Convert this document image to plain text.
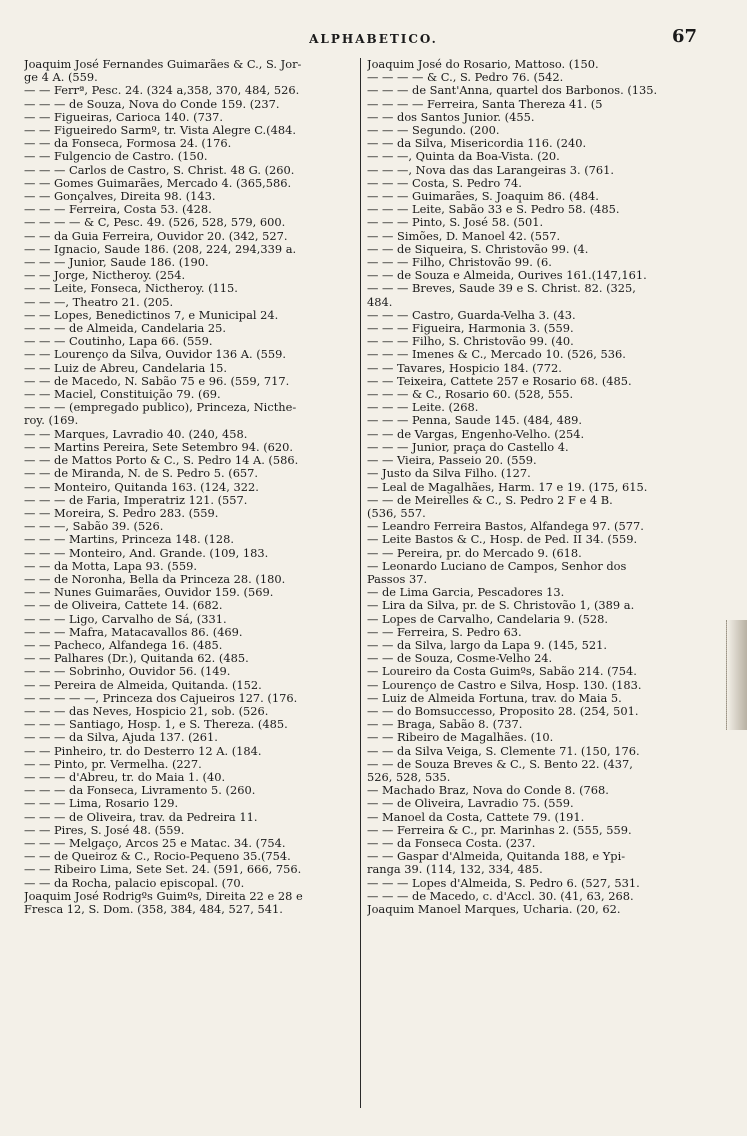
ALPHABETICO.	67
Joaquim José Fernandes Guimarães & C., S. Jor-
ge 4 A. (559.
— — Ferrª, Pesc. 24. (324 a,358, 370, 484, 526.
— — — de Souza, Nova do Conde 159. (237.
— — Figueiras, Carioca 140. (737.
— — Figueiredo Sarmº, tr. Vista Alegre C.(484.
— — da Fonseca, Formosa 24. (176.
— — Fulgencio de Castro. (150.
— — — Carlos de Castro, S. Christ. 48 G. (260.
— — Gomes Guimarães, Mercado 4. (365,586.
— — Gonçalves, Direita 98. (143.
— — — Ferreira, Costa 53. (428.
— — — — & C, Pesc. 49. (526, 528, 579, 600.
— — da Guia Ferreira, Ouvidor 20. (342, 527.
— — Ignacio, Saude 186. (208, 224, 294,339 a.
— — — Junior, Saude 186. (190.
— — Jorge, Nictheroy. (254.
— — Leite, Fonseca, Nictheroy. (115.
— — —, Theatro 21. (205.
— — Lopes, Benedictinos 7, e Municipal 24.
— — — de Almeida, Candelaria 25.
— — — Coutinho, Lapa 66. (559.
— — Lourenço da Silva, Ouvidor 136 A. (559.
— — Luiz de Abreu, Candelaria 15.
— — de Macedo, N. Sabão 75 e 96. (559, 717.
— — Maciel, Constituição 79. (69.
— — — (empregado publico), Princeza, Nicthe-
roy. (169.
— — Marques, Lavradio 40. (240, 458.
— — Martins Pereira, Sete Setembro 94. (620.
— — de Mattos Porto & C., S. Pedro 14 A. (586.
— — de Miranda, N. de S. Pedro 5. (657.
— — Monteiro, Quitanda 163. (124, 322.
— — — de Faria, Imperatriz 121. (557.
— — Moreira, S. Pedro 283. (559.
— — —, Sabão 39. (526.
— — — Martins, Princeza 148. (128.
— — — Monteiro, And. Grande. (109, 183.
— — da Motta, Lapa 93. (559.
— — de Noronha, Bella da Princeza 28. (180.
— — Nunes Guimarães, Ouvidor 159. (569.
— — de Oliveira, Cattete 14. (682.
— — — Ligo, Carvalho de Sá, (331.
— — — Mafra, Matacavallos 86. (469.
— — Pacheco, Alfandega 16. (485.
— — Palhares (Dr.), Quitanda 62. (485.
— — — Sobrinho, Ouvidor 56. (149.
— — Pereira de Almeida, Quitanda. (152.
— — — — —, Princeza dos Cajueiros 127. (176.
— — — das Neves, Hospicio 21, sob. (526.
— — — Santiago, Hosp. 1, e S. Thereza. (485.
— — — da Silva, Ajuda 137. (261.
— — Pinheiro, tr. do Desterro 12 A. (184.
— — Pinto, pr. Vermelha. (227.
— — — d'Abreu, tr. do Maia 1. (40.
— — — da Fonseca, Livramento 5. (260.
— — — Lima, Rosario 129.
— — — de Oliveira, trav. da Pedreira 11.
— — Pires, S. José 48. (559.
— — — Melgaço, Arcos 25 e Matac. 34. (754.
— — de Queiroz & C., Rocio-Pequeno 35.(754.
— — Ribeiro Lima, Sete Set. 24. (591, 666, 756.
— — da Rocha, palacio episcopal. (70.
Joaquim José Rodrigºs Guimºs, Direita 22 e 28 e
Fresca 12, S. Dom. (358, 384, 484, 527, 541.
Joaquim José do Rosario, Mattoso. (150.
— — — — & C., S. Pedro 76. (542.
— — — de Sant'Anna, quartel dos Barbonos. (135.
— — — — Ferreira, Santa Thereza 41. (5
— — dos Santos Junior. (455.
— — — Segundo. (200.
— — da Silva, Misericordia 116. (240.
— — —, Quinta da Boa-Vista. (20.
— — —, Nova das das Larangeiras 3. (761.
— — — Costa, S. Pedro 74.
— — — Guimarães, S. Joaquim 86. (484.
— — — Leite, Sabão 33 e S. Pedro 58. (485.
— — — Pinto, S. José 58. (501.
— — Simões, D. Manoel 42. (557.
— — de Siqueira, S. Christovão 99. (4.
— — — Filho, Christovão 99. (6.
— — de Souza e Almeida, Ourives 161.(147,161.
— — — Breves, Saude 39 e S. Christ. 82. (325,
484.
— — — Castro, Guarda-Velha 3. (43.
— — — Figueira, Harmonia 3. (559.
— — — Filho, S. Christovão 99. (40.
— — — Imenes & C., Mercado 10. (526, 536.
— — Tavares, Hospicio 184. (772.
— — Teixeira, Cattete 257 e Rosario 68. (485.
— — — & C., Rosario 60. (528, 555.
— — — Leite. (268.
— — — Penna, Saude 145. (484, 489.
— — de Vargas, Engenho-Velho. (254.
— — — Junior, praça do Castello 4.
— — Vieira, Passeio 20. (559.
— Justo da Silva Filho. (127.
— Leal de Magalhães, Harm. 17 e 19. (175, 615.
— — de Meirelles & C., S. Pedro 2 F e 4 B.
(536, 557.
— Leandro Ferreira Bastos, Alfandega 97. (577.
— Leite Bastos & C., Hosp. de Ped. II 34. (559.
— — Pereira, pr. do Mercado 9. (618.
— Leonardo Luciano de Campos, Senhor dos
Passos 37.
— de Lima Garcia, Pescadores 13.
— Lira da Silva, pr. de S. Christovão 1, (389 a.
— Lopes de Carvalho, Candelaria 9. (528.
— — Ferreira, S. Pedro 63.
— — da Silva, largo da Lapa 9. (145, 521.
— — de Souza, Cosme-Velho 24.
— Loureiro da Costa Guimºs, Sabão 214. (754.
— Lourenço de Castro e Silva, Hosp. 130. (183.
— Luiz de Almeida Fortuna, trav. do Maia 5.
— — do Bomsuccesso, Proposito 28. (254, 501.
— — Braga, Sabão 8. (737.
— — Ribeiro de Magalhães. (10.
— — da Silva Veiga, S. Clemente 71. (150, 176.
— — de Souza Breves & C., S. Bento 22. (437,
526, 528, 535.
— Machado Braz, Nova do Conde 8. (768.
— — de Oliveira, Lavradio 75. (559.
— Manoel da Costa, Cattete 79. (191.
— — Ferreira & C., pr. Marinhas 2. (555, 559.
— — da Fonseca Costa. (237.
— — Gaspar d'Almeida, Quitanda 188, e Ypi-
ranga 39. (114, 132, 334, 485.
— — — Lopes d'Almeida, S. Pedro 6. (527, 531.
— — — de Macedo, c. d'Accl. 30. (41, 63, 268.
Joaquim Manoel Marques, Ucharia. (20, 62.
